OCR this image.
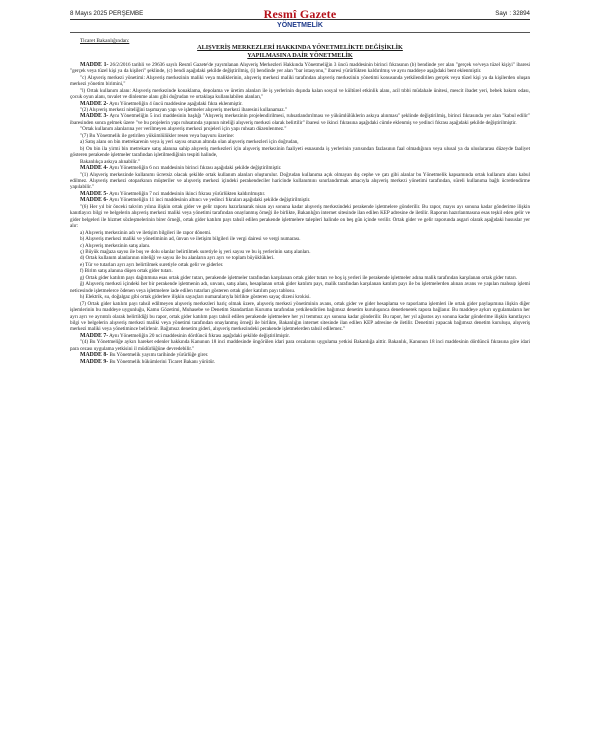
8 Mayıs 2025 PERŞEMBE	Resmî Gazete	Sayı : 32894
YÖNETMELİK

Ticaret Bakanlığından:

ALIŞVERİŞ MERKEZLERİ HAKKINDA YÖNETMELİKTE DEĞİŞİKLİK
YAPILMASINA DAİR YÖNETMELİK

MADDE 1- 26/2/2016 tarihli ve 29636 sayılı Resmî Gazete'de yayımlanan Alışveriş Merkezleri Hakkında Yönetmeliğin 3 üncü maddesinin birinci fıkrasının (b) bendinde yer alan "gerçek ve/veya tüzel kişiyi" ibaresi "gerçek veya tüzel kişi ya da kişileri" şeklinde, (c) bendi aşağıdaki şekilde değiştirilmiş, (i) bendinde yer alan "bar istasyonu," ibaresi yürürlükten kaldırılmış ve aynı maddeye aşağıdaki bent eklenmiştir.

"c) Alışveriş merkezi yönetimi: Alışveriş merkezinin maliki veya maliklerinin, alışveriş merkezi maliki tarafından alışveriş merkezinin yönetimi konusunda yetkilendirilen gerçek veya tüzel kişi ya da kişilerden oluşan merkezi yönetim birimini,"

"l) Ortak kullanım alanı: Alışveriş merkezinde konaklama, depolama ve üretim alanları ile iş yerlerinin dışında kalan sosyal ve kültürel etkinlik alanı, acil tıbbi müdahale ünitesi, mescit ibadet yeri, bebek bakım odası, çocuk oyun alanı, tuvalet ve dinlenme alanı gibi doğrudan ve ortaklaşa kullanılabilen alanları,"

MADDE 2- Aynı Yönetmeliğin 4 üncü maddesine aşağıdaki fıkra eklenmiştir.

"(2) Alışveriş merkezi niteliğini taşımayan yapı ve işletmeler alışveriş merkezi ibaresini kullanamaz."

MADDE 3- Aynı Yönetmeliğin 5 inci maddesinin başlığı "Alışveriş merkezinin projelendirilmesi, ruhsatlandırılması ve yükümlülüklerin askıya alınması" şeklinde değiştirilmiş, birinci fıkrasında yer alan "kabul edilir" ibaresinden sonra gelmek üzere "ve bu projelerin yapı ruhsatında yapının niteliği alışveriş merkezi olarak belirtilir" ibaresi ve ikinci fıkrasına aşağıdaki cümle eklenmiş ve yedinci fıkrası aşağıdaki şekilde değiştirilmiştir.

"Ortak kullanım alanlarına yer verilmeyen alışveriş merkezi projeleri için yapı ruhsatı düzenlenmez."

"(7) Bu Yönetmelik ile getirilen yükümlülükler resen veya başvuru üzerine:

a) Satış alanı on bin metrekarenin veya iş yeri sayısı otuzun altında olan alışveriş merkezleri için doğrudan,

b) On bin ila yirmi bin metrekare satış alanına sahip alışveriş merkezleri için alışveriş merkezinin faaliyeti esnasında iş yerlerinin yarısından fazlasının faal olmadığının veya ulusal ya da uluslararası düzeyde faaliyet gösteren perakende işletmeler tarafından işletilmediğinin tespiti halinde,

Bakanlıkça askıya alınabilir."

MADDE 4- Aynı Yönetmeliğin 6 ncı maddesinin birinci fıkrası aşağıdaki şekilde değiştirilmiştir.

"(1) Alışveriş merkezinde kullanımı ücretsiz olacak şekilde ortak kullanım alanları oluşturulur. Doğrudan kullanıma açık olmayan dış cephe ve çatı gibi alanlar bu Yönetmelik kapsamında ortak kullanım alanı kabul edilmez. Alışveriş merkezi otoparkının müşteriler ve alışveriş merkezi içindeki perakendeciler haricinde kullanımını sınırlandırmak amacıyla alışveriş merkezi yönetimi tarafından, süreli kullanıma bağlı ücretlendirme yapılabilir."

MADDE 5- Aynı Yönetmeliğin 7 nci maddesinin ikinci fıkrası yürürlükten kaldırılmıştır.

MADDE 6- Aynı Yönetmeliğin 11 inci maddesinin altıncı ve yedinci fıkraları aşağıdaki şekilde değiştirilmiştir.

"(6) Her yıl bir önceki takvim yılına ilişkin ortak gider ve gelir raporu hazırlanarak nisan ayı sonuna kadar alışveriş merkezindeki perakende işletmelere gönderilir. Bu rapor, mayıs ayı sonuna kadar gönderime ilişkin kanıtlayıcı bilgi ve belgelerin alışveriş merkezi maliki veya yönetimi tarafından onaylanmış örneği ile birlikte, Bakanlığın internet sitesinde ilan edilen KEP adresine de iletilir. Raporun hazırlanmasına esas teşkil eden gelir ve gider belgeleri ile hizmet sözleşmelerinin birer örneği, ortak gider katılım payı tahsil edilen perakende işletmelere talepleri halinde on beş gün içinde verilir. Ortak gider ve gelir raporunda asgari olarak aşağıdaki hususlar yer alır:

a) Alışveriş merkezinin adı ve iletişim bilgileri ile rapor dönemi.

b) Alışveriş merkezi maliki ve yönetiminin ad, ünvan ve iletişim bilgileri ile vergi dairesi ve vergi numarası.

c) Alışveriş merkezinin satış alanı.

ç) Büyük mağaza sayısı ile boş ve dolu olanlar belirtilmek suretiyle iş yeri sayısı ve bu iş yerlerinin satış alanları.

d) Ortak kullanım alanlarının niteliği ve sayısı ile bu alanların ayrı ayrı ve toplam büyüklükleri.

e) Tür ve tutarları ayrı ayrı belirtilmek suretiyle ortak gelir ve giderler.

f) Birim satış alanına düşen ortak gider tutarı.

g) Ortak gider katılım payı dağıtımına esas ortak gider tutarı, perakende işletmeler tarafından karşılanan ortak gider tutarı ve boş iş yerleri ile perakende işletmeler adına malik tarafından karşılanan ortak gider tutarı.

ğ) Alışveriş merkezi içindeki her bir perakende işletmenin adı, unvanı, satış alanı, hesaplanan ortak gider katılım payı, malik tarafından karşılanan katılım payı ile bu işletmelerden alınan avans ve yapılan mahsup işlemi neticesinde işletmelerce ödenen veya işletmelere iade edilen tutarları gösteren ortak gider katılım payı tablosu.

h) Elektrik, su, doğalgaz gibi ortak giderlere ilişkin sayaçları numaralarıyla birlikte gösteren sayaç dizeni krokisi.

(7) Ortak gider katılım payı tahsil edilmeyen alışveriş merkezleri hariç olmak üzere, alışveriş merkezi yönetiminin avans, ortak gider ve gider hesaplama ve raporlama işlemleri ile ortak gider paylaşımına ilişkin diğer işlemlerinin bu maddeye uygunluğu, Kamu Gözetimi, Muhasebe ve Denetim Standartları Kurumu tarafından yetkilendirilen bağımsız denetim kuruluşunca denetlenerek rapora bağlanır. Bu maddeye aykırı uygulamaların her ayrı ayrı ve ayrıntılı olarak belirtildiği bu rapor, ortak gider katılım payı tahsil edilen perakende işletmelere her yıl temmuz ayı sonuna kadar gönderilir. Bu rapor, her yıl ağustos ayı sonuna kadar gönderime ilişkin kanıtlayıcı bilgi ve belgelerin alışveriş merkezi maliki veya yönetimi tarafından onaylanmış örneği ile birlikte, Bakanlığın internet sitesinde ilan edilen KEP adresine de iletilir. Denetimi yapacak bağımsız denetim kuruluşu, alışveriş merkezi maliki veya yönetimince belirlenir. Bağımsız denetim gideri, alışveriş merkezindeki perakende işletmelerden tahsil edilemez."

MADDE 7- Aynı Yönetmeliğin 20 nci maddesinin dördüncü fıkrası aşağıdaki şekilde değiştirilmiştir.

"(4) Bu Yönetmeliğe aykırı hareket edenler hakkında Kanunun 18 inci maddesinde öngörülen idari para cezalarını uygulama yetkisi Bakanlığa aittir. Bakanlık, Kanunun 18 inci maddesinin dördüncü fıkrasına göre idari para cezası uygulama yetkisini il müdürlüğüne devredebilir."

MADDE 8- Bu Yönetmelik yayımı tarihinde yürürlüğe girer.

MADDE 9- Bu Yönetmelik hükümlerini Ticaret Bakanı yürütür.
